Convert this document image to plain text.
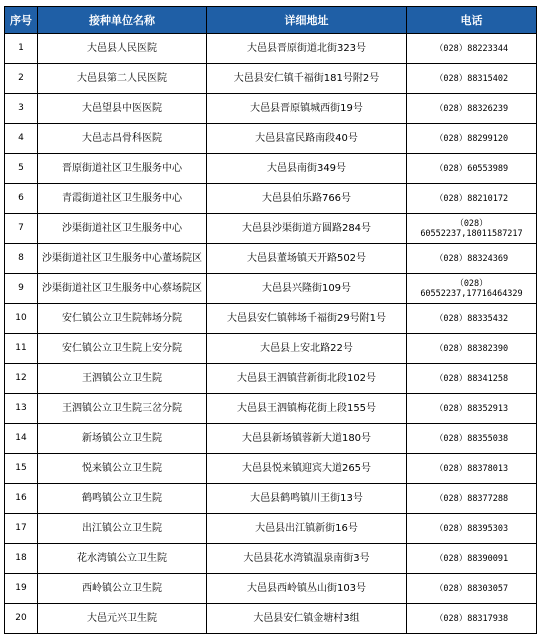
序号	接种单位名称	详细地址	电话
1	大邑县人民医院	大邑县晋原街道北街323号	（028）88223344
2	大邑县第二人民医院	大邑县安仁镇千福街181号附2号	（028）88315402
3	大邑望县中医医院	大邑县晋原镇城西街19号	（028）88326239
4	大邑志昌骨科医院	大邑县富民路南段40号	（028）88299120
5	晋原街道社区卫生服务中心	大邑县南街349号	（028）60553989
6	青霞街道社区卫生服务中心	大邑县伯乐路766号	（028）88210172
7	沙渠街道社区卫生服务中心	大邑县沙渠街道方圆路284号	（028）60552237,18011587217
8	沙渠街道社区卫生服务中心董场院区	大邑县董场镇天开路502号	（028）88324369
9	沙渠街道社区卫生服务中心蔡场院区	大邑县兴隆街109号	（028）60552237,17716464329
10	安仁镇公立卫生院韩场分院	大邑县安仁镇韩场千福街29号附1号	（028）88335432
11	安仁镇公立卫生院上安分院	大邑县上安北路22号	（028）88382390
12	王泗镇公立卫生院	大邑县王泗镇营新街北段102号	（028）88341258
13	王泗镇公立卫生院三岔分院	大邑县王泗镇梅花街上段155号	（028）88352913
14	新场镇公立卫生院	大邑县新场镇蓉新大道180号	（028）88355038
15	悦来镇公立卫生院	大邑县悦来镇迎宾大道265号	（028）88378013
16	鹤鸣镇公立卫生院	大邑县鹤鸣镇川王街13号	（028）88377288
17	出江镇公立卫生院	大邑县出江镇新街16号	（028）88395303
18	花水湾镇公立卫生院	大邑县花水湾镇温泉南街3号	（028）88390091
19	西岭镇公立卫生院	大邑县西岭镇丛山街103号	（028）88303057
20	大邑元兴卫生院	大邑县安仁镇金塘村3组	（028）88317938
